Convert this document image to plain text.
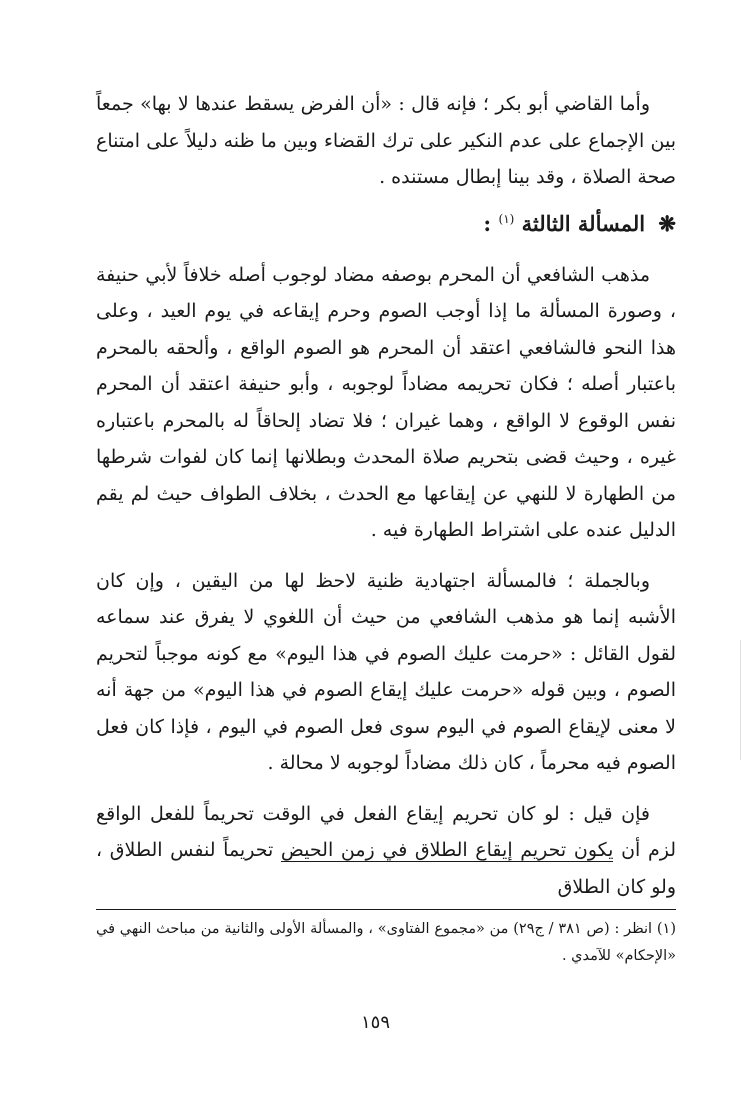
وأما القاضي أبو بكر ؛ فإنه قال : «أن الفرض يسقط عندها لا بها» جمعاً بين الإجماع على عدم النكير على ترك القضاء وبين ما ظنه دليلاً على امتناع صحة الصلاة ، وقد بينا إبطال مستنده .

❋ المسألة الثالثة $^{(١)}$ :

مذهب الشافعي أن المحرم بوصفه مضاد لوجوب أصله خلافاً لأبي حنيفة ، وصورة المسألة ما إذا أوجب الصوم وحرم إيقاعه في يوم العيد ، وعلى هذا النحو فالشافعي اعتقد أن المحرم هو الصوم الواقع ، وألحقه بالمحرم باعتبار أصله ؛ فكان تحريمه مضاداً لوجوبه ، وأبو حنيفة اعتقد أن المحرم نفس الوقوع لا الواقع ، وهما غيران ؛ فلا تضاد إلحاقاً له بالمحرم باعتباره غيره ، وحيث قضى بتحريم صلاة المحدث وبطلانها إنما كان لفوات شرطها من الطهارة لا للنهي عن إيقاعها مع الحدث ، بخلاف الطواف حيث لم يقم الدليل عنده على اشتراط الطهارة فيه .

وبالجملة ؛ فالمسألة اجتهادية ظنية لاحظ لها من اليقين ، وإن كان الأشبه إنما هو مذهب الشافعي من حيث أن اللغوي لا يفرق عند سماعه لقول القائل : «حرمت عليك الصوم في هذا اليوم» مع كونه موجباً لتحريم الصوم ، وبين قوله «حرمت عليك إيقاع الصوم في هذا اليوم» من جهة أنه لا معنى لإيقاع الصوم في اليوم سوى فعل الصوم في اليوم ، فإذا كان فعل الصوم فيه محرماً ، كان ذلك مضاداً لوجوبه لا محالة .

فإن قيل : لو كان تحريم إيقاع الفعل في الوقت تحريماً للفعل الواقع لزم أن يكون تحريم إيقاع الطلاق في زمن الحيض تحريماً لنفس الطلاق ، ولو كان الطلاق

(١) انظر : (ص ٣٨١ / ج٢٩) من «مجموع الفتاوى» ، والمسألة الأولى والثانية من مباحث النهي في «الإحكام» للآمدي .

١٥٩
